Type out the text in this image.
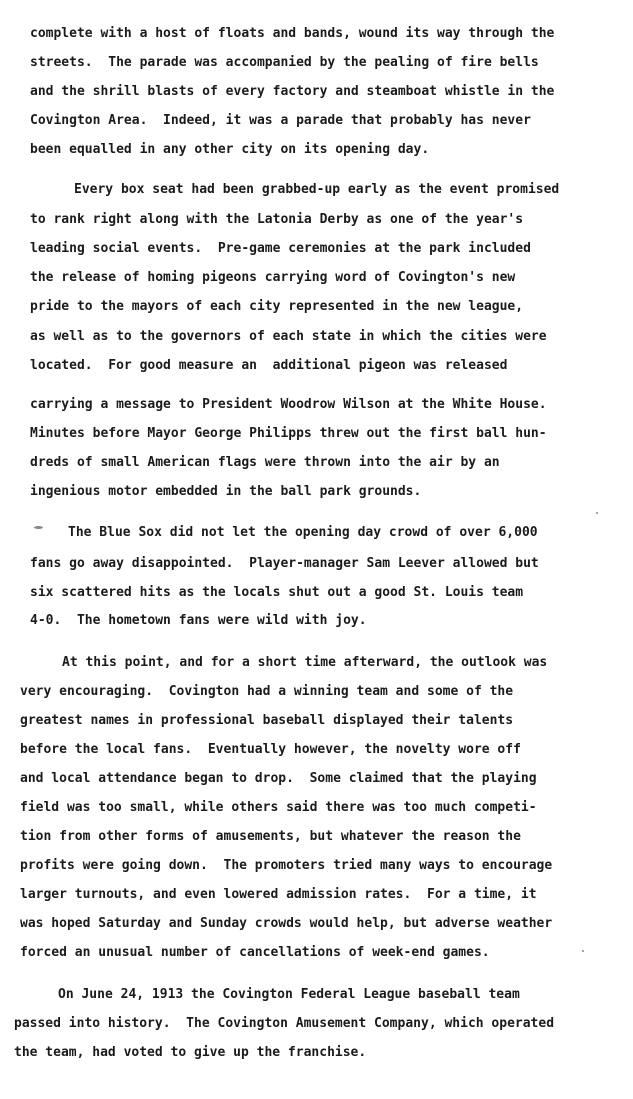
complete with a host of floats and bands, wound its way through the
streets.  The parade was accompanied by the pealing of fire bells
and the shrill blasts of every factory and steamboat whistle in the
Covington Area.  Indeed, it was a parade that probably has never
been equalled in any other city on its opening day.
Every box seat had been grabbed-up early as the event promised
to rank right along with the Latonia Derby as one of the year's
leading social events.  Pre-game ceremonies at the park included
the release of homing pigeons carrying word of Covington's new
pride to the mayors of each city represented in the new league,
as well as to the governors of each state in which the cities were
located.  For good measure an  additional pigeon was released
carrying a message to President Woodrow Wilson at the White House.
Minutes before Mayor George Philipps threw out the first ball hun-
dreds of small American flags were thrown into the air by an
ingenious motor embedded in the ball park grounds.
The Blue Sox did not let the opening day crowd of over 6,000
fans go away disappointed.  Player-manager Sam Leever allowed but
six scattered hits as the locals shut out a good St. Louis team
4-0.  The hometown fans were wild with joy.
At this point, and for a short time afterward, the outlook was
very encouraging.  Covington had a winning team and some of the
greatest names in professional baseball displayed their talents
before the local fans.  Eventually however, the novelty wore off
and local attendance began to drop.  Some claimed that the playing
field was too small, while others said there was too much competi-
tion from other forms of amusements, but whatever the reason the
profits were going down.  The promoters tried many ways to encourage
larger turnouts, and even lowered admission rates.  For a time, it
was hoped Saturday and Sunday crowds would help, but adverse weather
forced an unusual number of cancellations of week-end games.
On June 24, 1913 the Covington Federal League baseball team
passed into history.  The Covington Amusement Company, which operated
the team, had voted to give up the franchise.
